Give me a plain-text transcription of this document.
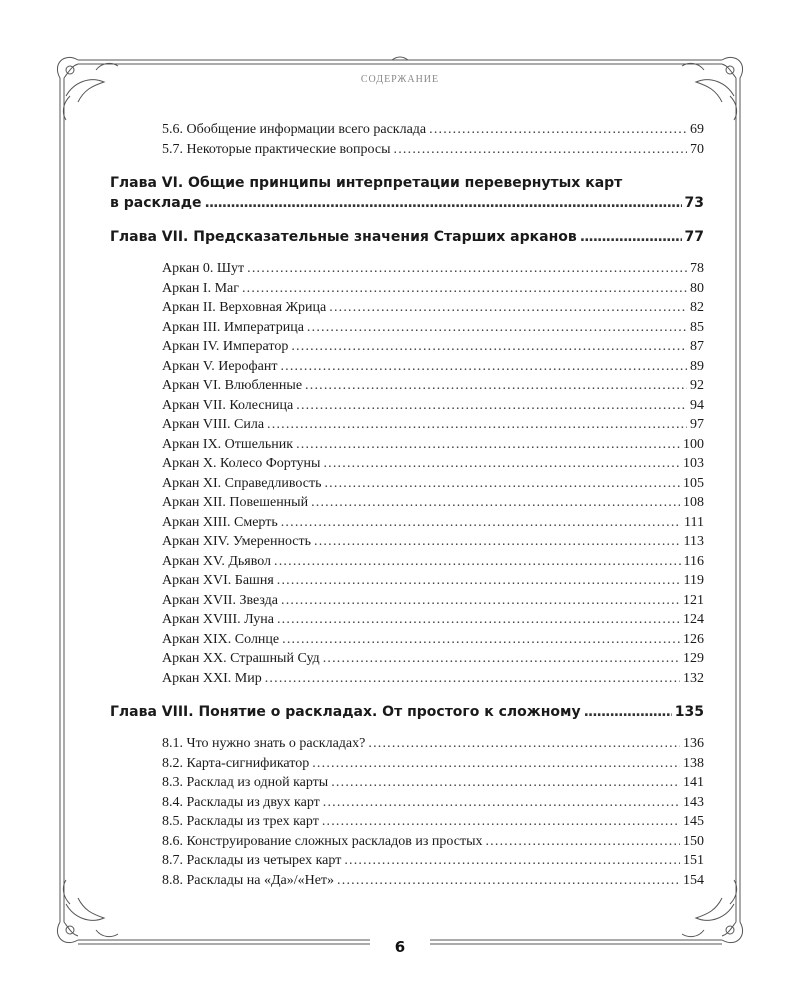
СОДЕРЖАНИЕ
5.6. Обобщение информации всего расклада .....	69
5.7. Некоторые практические вопросы .....	70
Глава VI. Общие принципы интерпретации перевернутых карт
в раскладе .....	73
Глава VII. Предсказательные значения Старших арканов .....	77
Аркан 0. Шут .....	78
Аркан I. Маг .....	80
Аркан II. Верховная Жрица .....	82
Аркан III. Императрица .....	85
Аркан IV. Император .....	87
Аркан V. Иерофант .....	89
Аркан VI. Влюбленные .....	92
Аркан VII. Колесница .....	94
Аркан VIII. Сила .....	97
Аркан IX. Отшельник .....	100
Аркан X. Колесо Фортуны .....	103
Аркан XI. Справедливость .....	105
Аркан XII. Повешенный .....	108
Аркан XIII. Смерть .....	111
Аркан XIV. Умеренность .....	113
Аркан XV. Дьявол .....	116
Аркан XVI. Башня .....	119
Аркан XVII. Звезда .....	121
Аркан XVIII. Луна .....	124
Аркан XIX. Солнце .....	126
Аркан XX. Страшный Суд .....	129
Аркан XXI. Мир .....	132
Глава VIII. Понятие о раскладах. От простого к сложному .....	135
8.1. Что нужно знать о раскладах? .....	136
8.2. Карта-сигнификатор .....	138
8.3. Расклад из одной карты .....	141
8.4. Расклады из двух карт .....	143
8.5. Расклады из трех карт .....	145
8.6. Конструирование сложных раскладов из простых .....	150
8.7. Расклады из четырех карт .....	151
8.8. Расклады на «Да»/«Нет» .....	154
6
